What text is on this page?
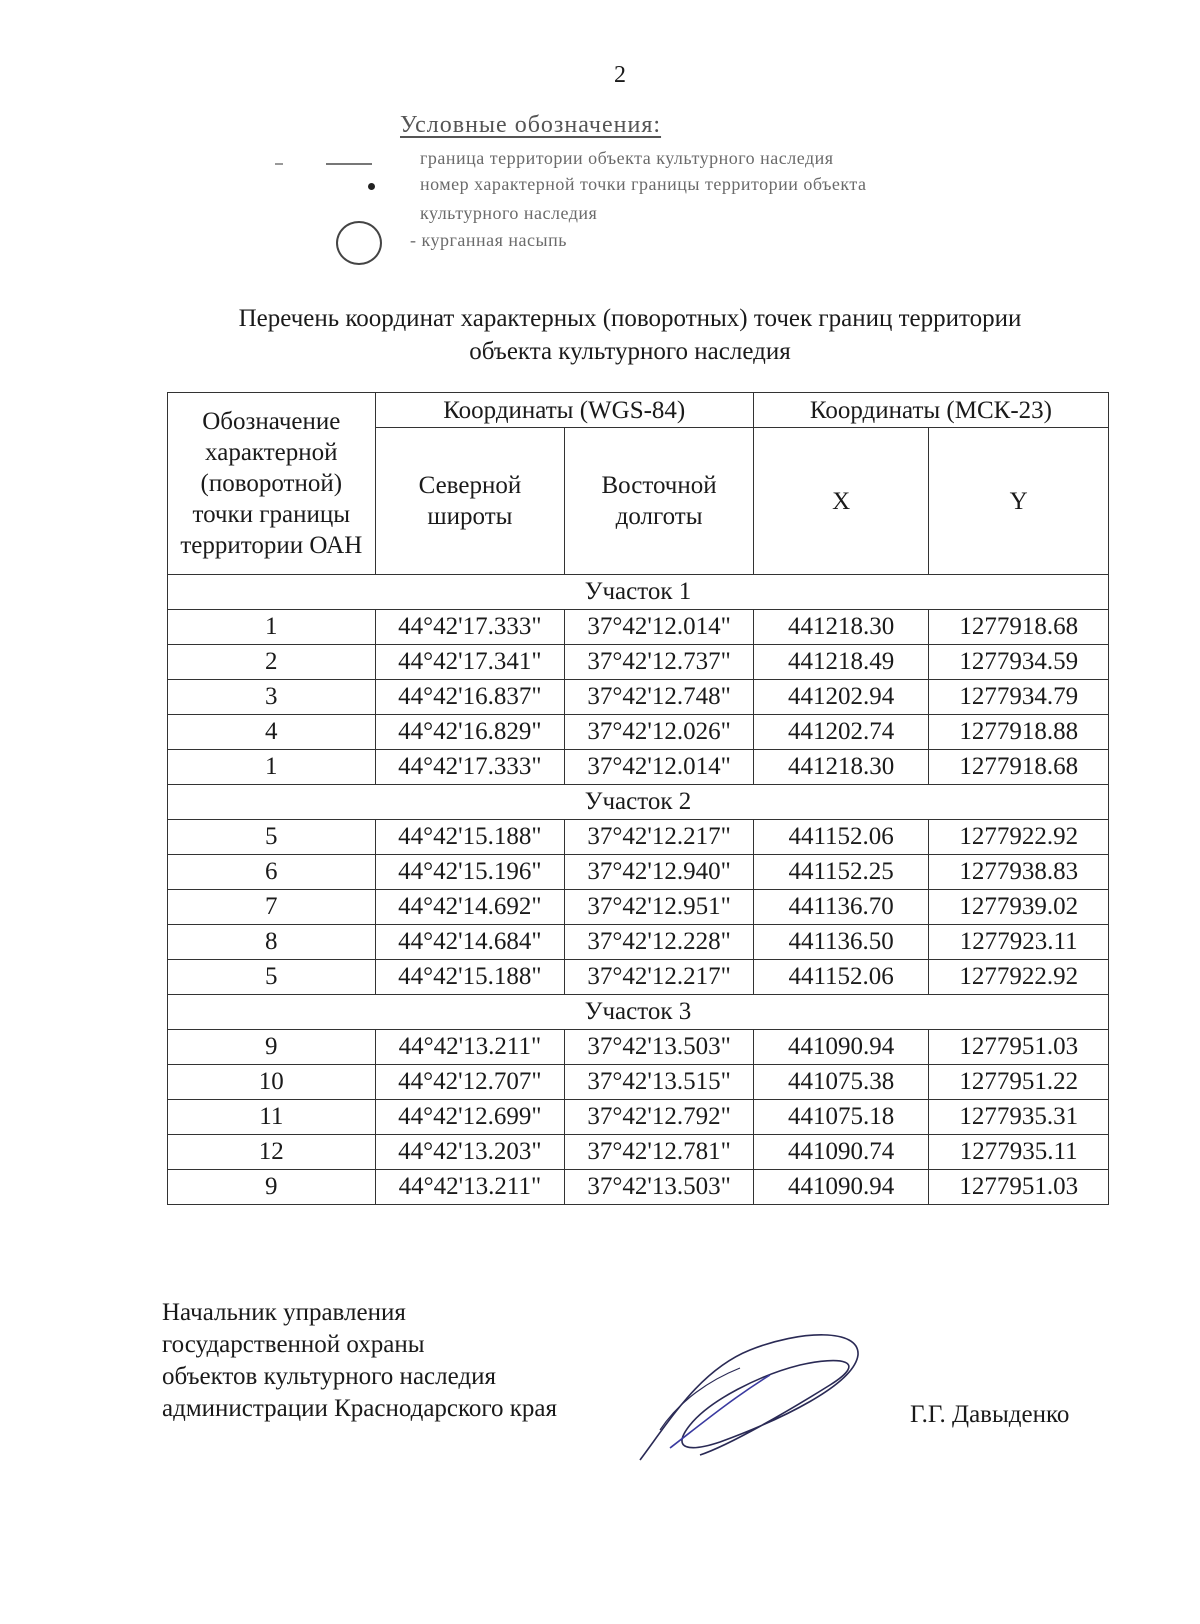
2
Условные обозначения:
граница территории объекта культурного наследия
номер характерной точки границы территории объекта
культурного наследия
- курганная насыпь
Перечень координат характерных (поворотных) точек границ территории
объекта культурного наследия
Обозначение характерной (поворотной) точки границы территории ОАН	Координаты (WGS-84)		Координаты (МСК-23)	
	Северной широты	Восточной долготы	X	Y
Участок 1				
1	44°42'17.333"	37°42'12.014"	441218.30	1277918.68
2	44°42'17.341"	37°42'12.737"	441218.49	1277934.59
3	44°42'16.837"	37°42'12.748"	441202.94	1277934.79
4	44°42'16.829"	37°42'12.026"	441202.74	1277918.88
1	44°42'17.333"	37°42'12.014"	441218.30	1277918.68
Участок 2				
5	44°42'15.188"	37°42'12.217"	441152.06	1277922.92
6	44°42'15.196"	37°42'12.940"	441152.25	1277938.83
7	44°42'14.692"	37°42'12.951"	441136.70	1277939.02
8	44°42'14.684"	37°42'12.228"	441136.50	1277923.11
5	44°42'15.188"	37°42'12.217"	441152.06	1277922.92
Участок 3				
9	44°42'13.211"	37°42'13.503"	441090.94	1277951.03
10	44°42'12.707"	37°42'13.515"	441075.38	1277951.22
11	44°42'12.699"	37°42'12.792"	441075.18	1277935.31
12	44°42'13.203"	37°42'12.781"	441090.74	1277935.11
9	44°42'13.211"	37°42'13.503"	441090.94	1277951.03
Начальник управления
государственной охраны
объектов культурного наследия
администрации Краснодарского края	Г.Г. Давыденко
